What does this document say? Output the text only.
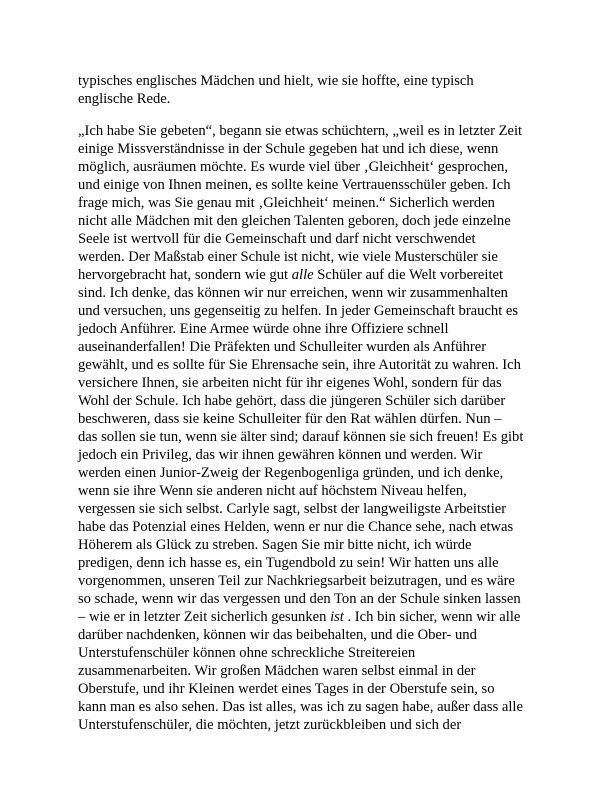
typisches englisches Mädchen und hielt, wie sie hoffte, eine typisch
englische Rede.

„Ich habe Sie gebeten“, begann sie etwas schüchtern, „weil es in letzter Zeit
einige Missverständnisse in der Schule gegeben hat und ich diese, wenn
möglich, ausräumen möchte. Es wurde viel über ‚Gleichheit‘ gesprochen,
und einige von Ihnen meinen, es sollte keine Vertrauensschüler geben. Ich
frage mich, was Sie genau mit ‚Gleichheit‘ meinen.“ Sicherlich werden
nicht alle Mädchen mit den gleichen Talenten geboren, doch jede einzelne
Seele ist wertvoll für die Gemeinschaft und darf nicht verschwendet
werden. Der Maßstab einer Schule ist nicht, wie viele Musterschüler sie
hervorgebracht hat, sondern wie gut alle Schüler auf die Welt vorbereitet
sind. Ich denke, das können wir nur erreichen, wenn wir zusammenhalten
und versuchen, uns gegenseitig zu helfen. In jeder Gemeinschaft braucht es
jedoch Anführer. Eine Armee würde ohne ihre Offiziere schnell
auseinanderfallen! Die Präfekten und Schulleiter wurden als Anführer
gewählt, und es sollte für Sie Ehrensache sein, ihre Autorität zu wahren. Ich
versichere Ihnen, sie arbeiten nicht für ihr eigenes Wohl, sondern für das
Wohl der Schule. Ich habe gehört, dass die jüngeren Schüler sich darüber
beschweren, dass sie keine Schulleiter für den Rat wählen dürfen. Nun –
das sollen sie tun, wenn sie älter sind; darauf können sie sich freuen! Es gibt
jedoch ein Privileg, das wir ihnen gewähren können und werden. Wir
werden einen Junior-Zweig der Regenbogenliga gründen, und ich denke,
wenn sie ihre Wenn sie anderen nicht auf höchstem Niveau helfen,
vergessen sie sich selbst. Carlyle sagt, selbst der langweiligste Arbeitstier
habe das Potenzial eines Helden, wenn er nur die Chance sehe, nach etwas
Höherem als Glück zu streben. Sagen Sie mir bitte nicht, ich würde
predigen, denn ich hasse es, ein Tugendbold zu sein! Wir hatten uns alle
vorgenommen, unseren Teil zur Nachkriegsarbeit beizutragen, und es wäre
so schade, wenn wir das vergessen und den Ton an der Schule sinken lassen
– wie er in letzter Zeit sicherlich gesunken ist . Ich bin sicher, wenn wir alle
darüber nachdenken, können wir das beibehalten, und die Ober- und
Unterstufenschüler können ohne schreckliche Streitereien
zusammenarbeiten. Wir großen Mädchen waren selbst einmal in der
Oberstufe, und ihr Kleinen werdet eines Tages in der Oberstufe sein, so
kann man es also sehen. Das ist alles, was ich zu sagen habe, außer dass alle
Unterstufenschüler, die möchten, jetzt zurückbleiben und sich der
